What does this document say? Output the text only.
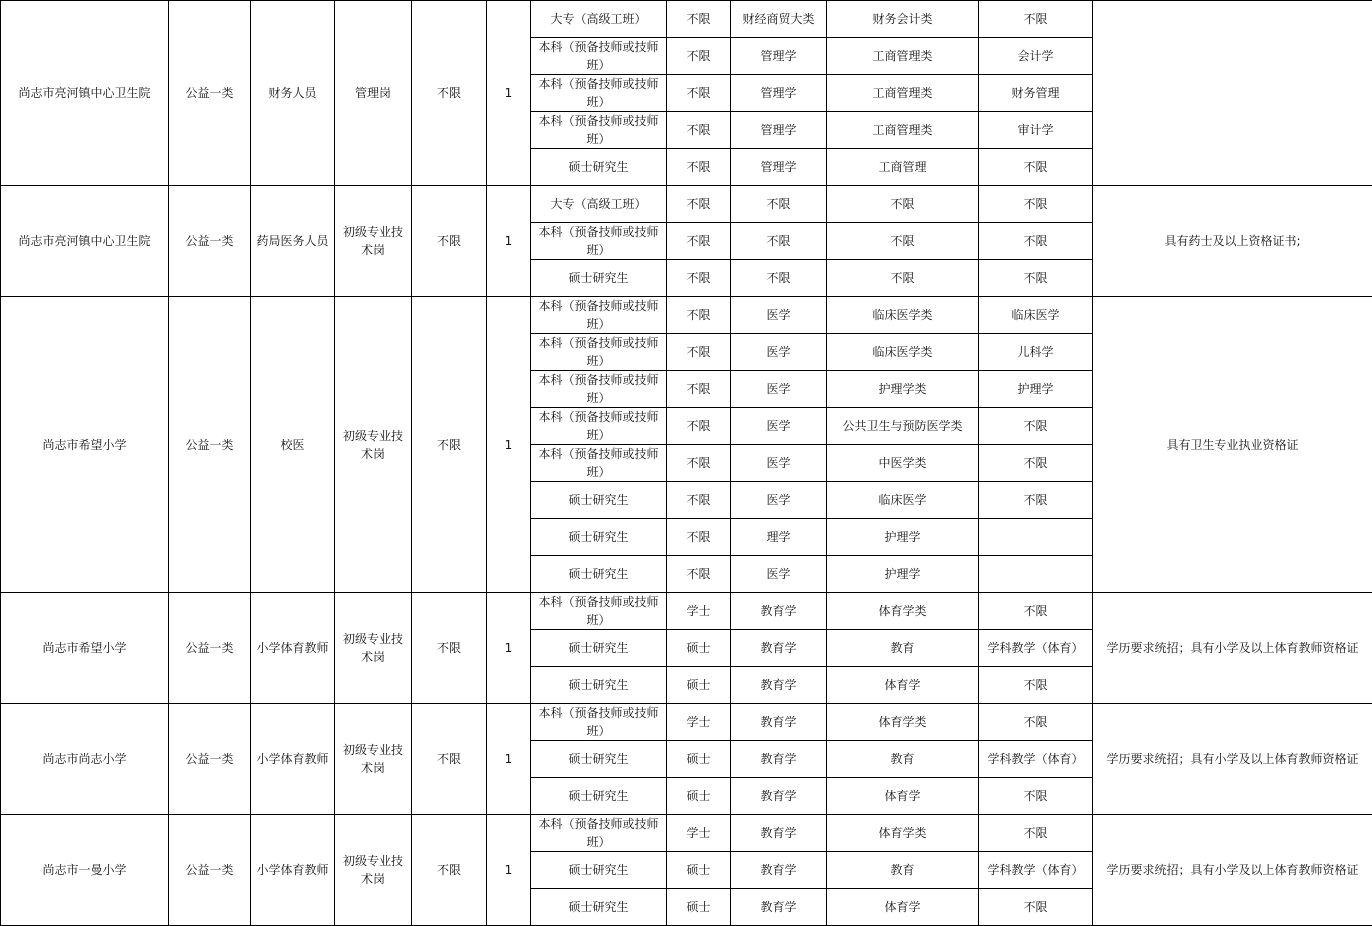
尚志市亮河镇中心卫生院	公益一类	财务人员	管理岗	不限	1	大专（高级工班）	不限	财经商贸大类	财务会计类	不限	
						本科（预备技师或技师班）	不限	管理学	工商管理类	会计学	
						本科（预备技师或技师班）	不限	管理学	工商管理类	财务管理	
						本科（预备技师或技师班）	不限	管理学	工商管理类	审计学	
						硕士研究生	不限	管理学	工商管理	不限	
尚志市亮河镇中心卫生院	公益一类	药局医务人员	初级专业技术岗	不限	1	大专（高级工班）	不限	不限	不限	不限	具有药士及以上资格证书;
						本科（预备技师或技师班）	不限	不限	不限	不限	
						硕士研究生	不限	不限	不限	不限	
尚志市希望小学	公益一类	校医	初级专业技术岗	不限	1	本科（预备技师或技师班）	不限	医学	临床医学类	临床医学	具有卫生专业执业资格证
						本科（预备技师或技师班）	不限	医学	临床医学类	儿科学	
						本科（预备技师或技师班）	不限	医学	护理学类	护理学	
						本科（预备技师或技师班）	不限	医学	公共卫生与预防医学类	不限	
						本科（预备技师或技师班）	不限	医学	中医学类	不限	
						硕士研究生	不限	医学	临床医学	不限	
						硕士研究生	不限	理学	护理学		
						硕士研究生	不限	医学	护理学		
尚志市希望小学	公益一类	小学体育教师	初级专业技术岗	不限	1	本科（预备技师或技师班）	学士	教育学	体育学类	不限	学历要求统招；具有小学及以上体育教师资格证
						硕士研究生	硕士	教育学	教育	学科教学（体育）	
						硕士研究生	硕士	教育学	体育学	不限	
尚志市尚志小学	公益一类	小学体育教师	初级专业技术岗	不限	1	本科（预备技师或技师班）	学士	教育学	体育学类	不限	学历要求统招；具有小学及以上体育教师资格证
						硕士研究生	硕士	教育学	教育	学科教学（体育）	
						硕士研究生	硕士	教育学	体育学	不限	
尚志市一曼小学	公益一类	小学体育教师	初级专业技术岗	不限	1	本科（预备技师或技师班）	学士	教育学	体育学类	不限	学历要求统招；具有小学及以上体育教师资格证
						硕士研究生	硕士	教育学	教育	学科教学（体育）	
						硕士研究生	硕士	教育学	体育学	不限	
